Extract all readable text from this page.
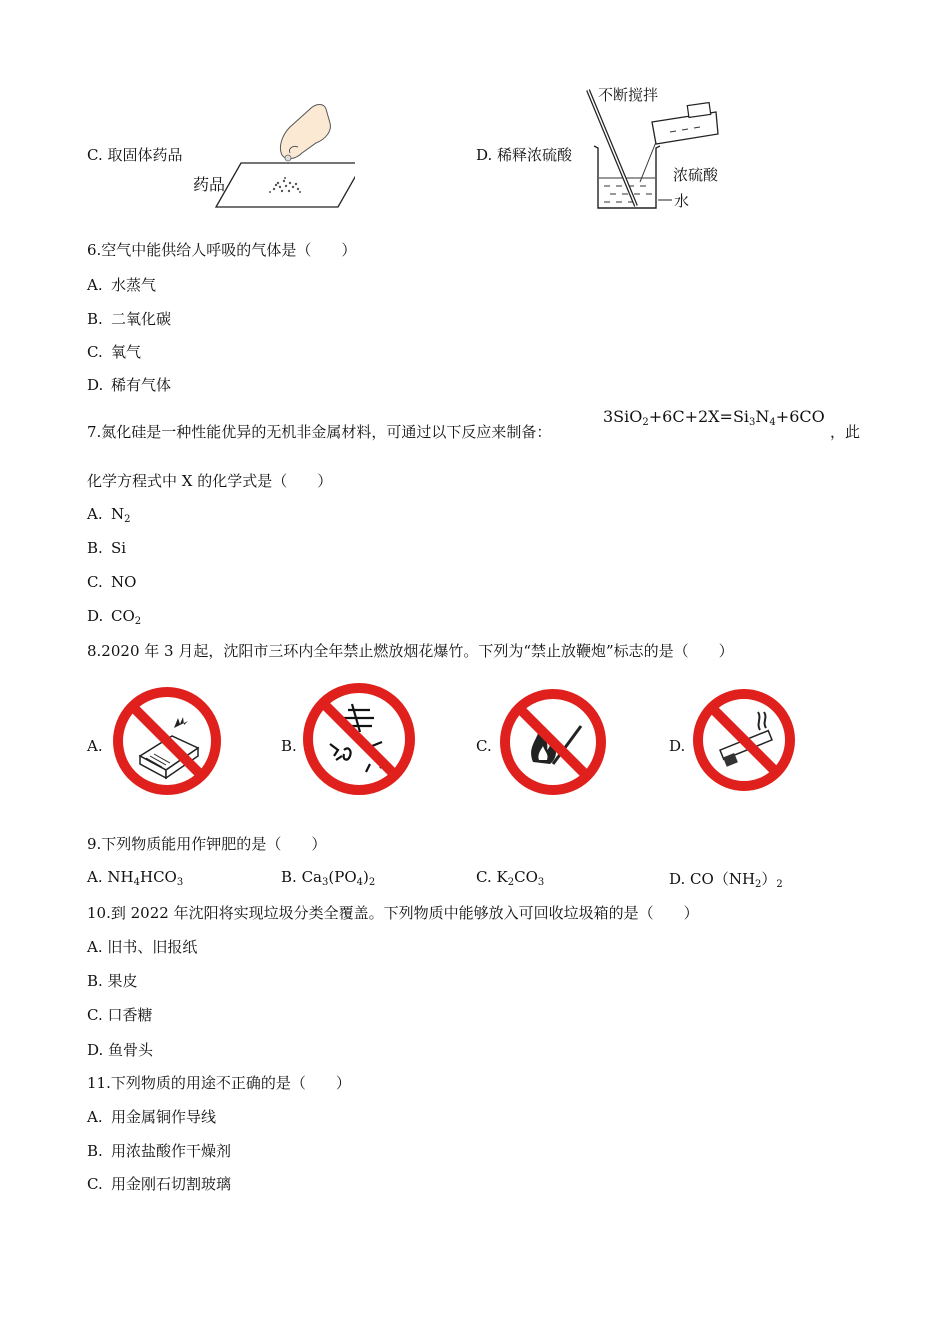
C. 取固体药品
药品
D. 稀释浓硫酸
不断搅拌
浓硫酸
水
6.空气中能供给人呼吸的气体是（　　）
A. 水蒸气
B. 二氧化碳
C. 氧气
D. 稀有气体
7.氮化硅是一种性能优异的无机非金属材料，可通过以下反应来制备：
$3SiO_2+6C+2X=Si_3N_4+6CO$
，此
化学方程式中 X 的化学式是（　　）
A. $N_2$
B. Si
C. NO
D. $CO_2$
8.2020 年 3 月起，沈阳市三环内全年禁止燃放烟花爆竹。下列为“禁止放鞭炮”标志的是（　　）
A.	B.	C.	D.
9.下列物质能用作钾肥的是（　　）
A. $NH_4HCO_3$	B. $Ca_3(PO_4)_2$	C. $K_2CO_3$	D. $CO(NH_2)_2$
10.到 2022 年沈阳将实现垃圾分类全覆盖。下列物质中能够放入可回收垃圾箱的是（　　）
A. 旧书、旧报纸
B. 果皮
C. 口香糖
D. 鱼骨头
11.下列物质的用途不正确的是（　　）
A. 用金属铜作导线
B. 用浓盐酸作干燥剂
C. 用金刚石切割玻璃
